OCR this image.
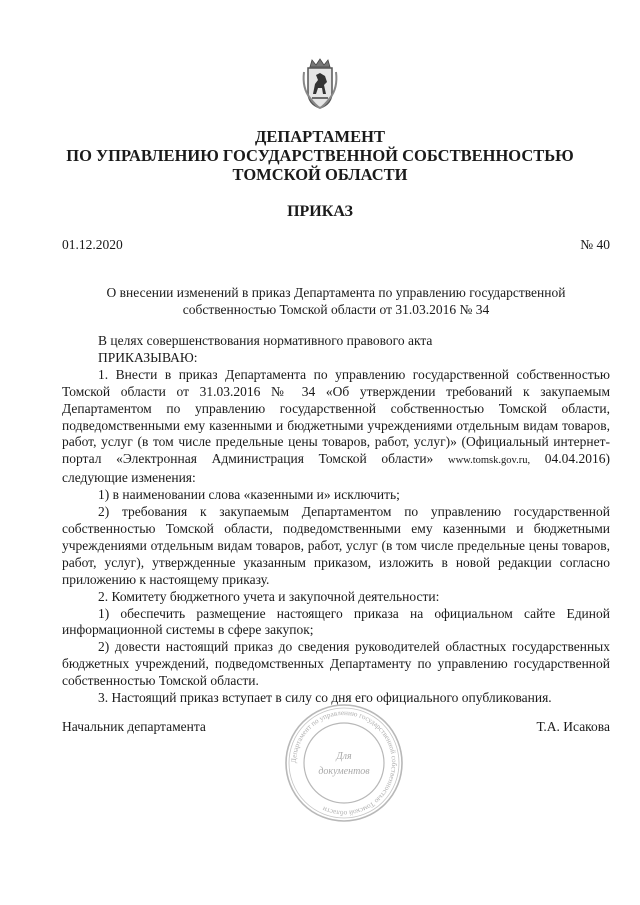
ДЕПАРТАМЕНТ
ПО УПРАВЛЕНИЮ ГОСУДАРСТВЕННОЙ СОБСТВЕННОСТЬЮ
ТОМСКОЙ ОБЛАСТИ
ПРИКАЗ
01.12.2020	№ 40
О внесении изменений в приказ Департамента по управлению государственной
собственностью Томской области от 31.03.2016 № 34

В целях совершенствования нормативного правового акта

ПРИКАЗЫВАЮ:

1. Внести в приказ Департамента по управлению государственной собственностью Томской области от 31.03.2016 № 34 «Об утверждении требований к закупаемым Департаментом по управлению государственной собственностью Томской области, подведомственными ему казенными и бюджетными учреждениями отдельным видам товаров, работ, услуг (в том числе предельные цены товаров, работ, услуг)» (Официальный интернет-портал «Электронная Администрация Томской области» www.tomsk.gov.ru, 04.04.2016) следующие изменения:

1) в наименовании слова «казенными и» исключить;

2) требования к закупаемым Департаментом по управлению государственной собственностью Томской области, подведомственными ему казенными и бюджетными учреждениями отдельным видам товаров, работ, услуг (в том числе предельные цены товаров, работ, услуг), утвержденные указанным приказом, изложить в новой редакции согласно приложению к настоящему приказу.

2. Комитету бюджетного учета и закупочной деятельности:

1) обеспечить размещение настоящего приказа на официальном сайте Единой информационной системы в сфере закупок;

2) довести настоящий приказ до сведения руководителей областных государственных бюджетных учреждений, подведомственных Департаменту по управлению государственной собственностью Томской области.

3. Настоящий приказ вступает в силу со дня его официального опубликования.

Начальник департамента	Т.А. Исакова
Департамент по управлению государственной собственностью Томской области
Для
документов
